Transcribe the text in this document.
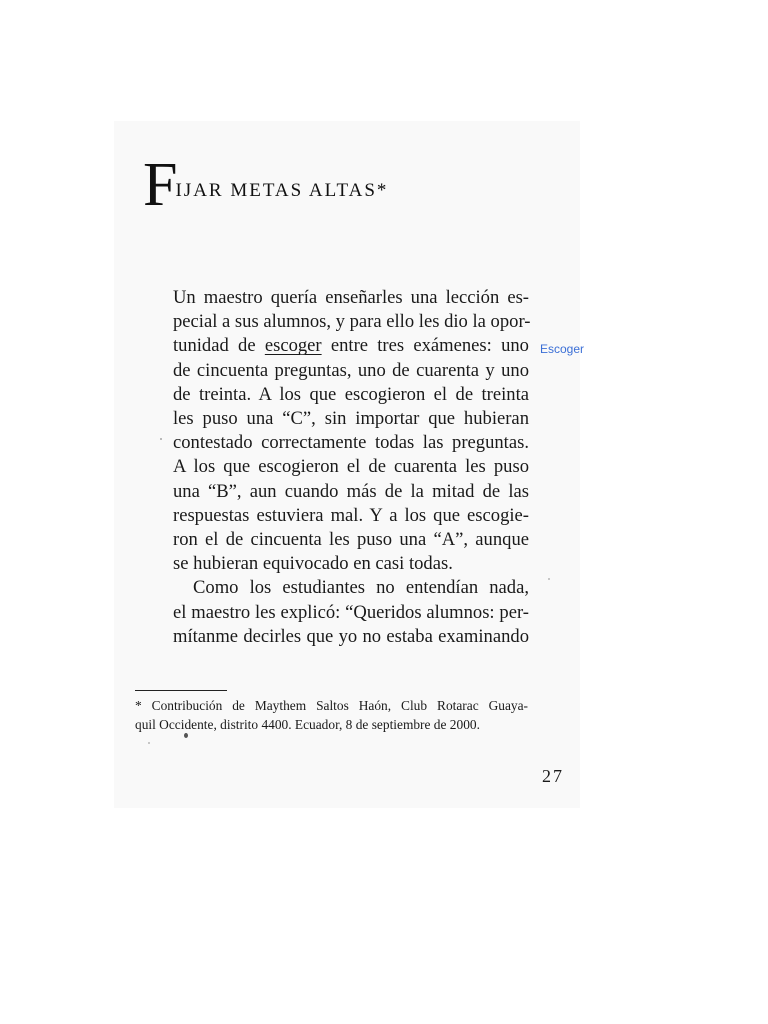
FIJAR METAS ALTAS*
Un maestro quería enseñarles una lección es-
pecial a sus alumnos, y para ello les dio la opor-
tunidad de escoger entre tres exámenes: uno
de cincuenta preguntas, uno de cuarenta y uno
de treinta. A los que escogieron el de treinta
les puso una “C”, sin importar que hubieran
contestado correctamente todas las preguntas.
A los que escogieron el de cuarenta les puso
una “B”, aun cuando más de la mitad de las
respuestas estuviera mal. Y a los que escogie-
ron el de cincuenta les puso una “A”, aunque
se hubieran equivocado en casi todas.
Como los estudiantes no entendían nada,
el maestro les explicó: “Queridos alumnos: per-
mítanme decirles que yo no estaba examinando
Escoger
* Contribución de Maythem Saltos Haón, Club Rotarac Guaya-
quil Occidente, distrito 4400. Ecuador, 8 de septiembre de 2000.
27
